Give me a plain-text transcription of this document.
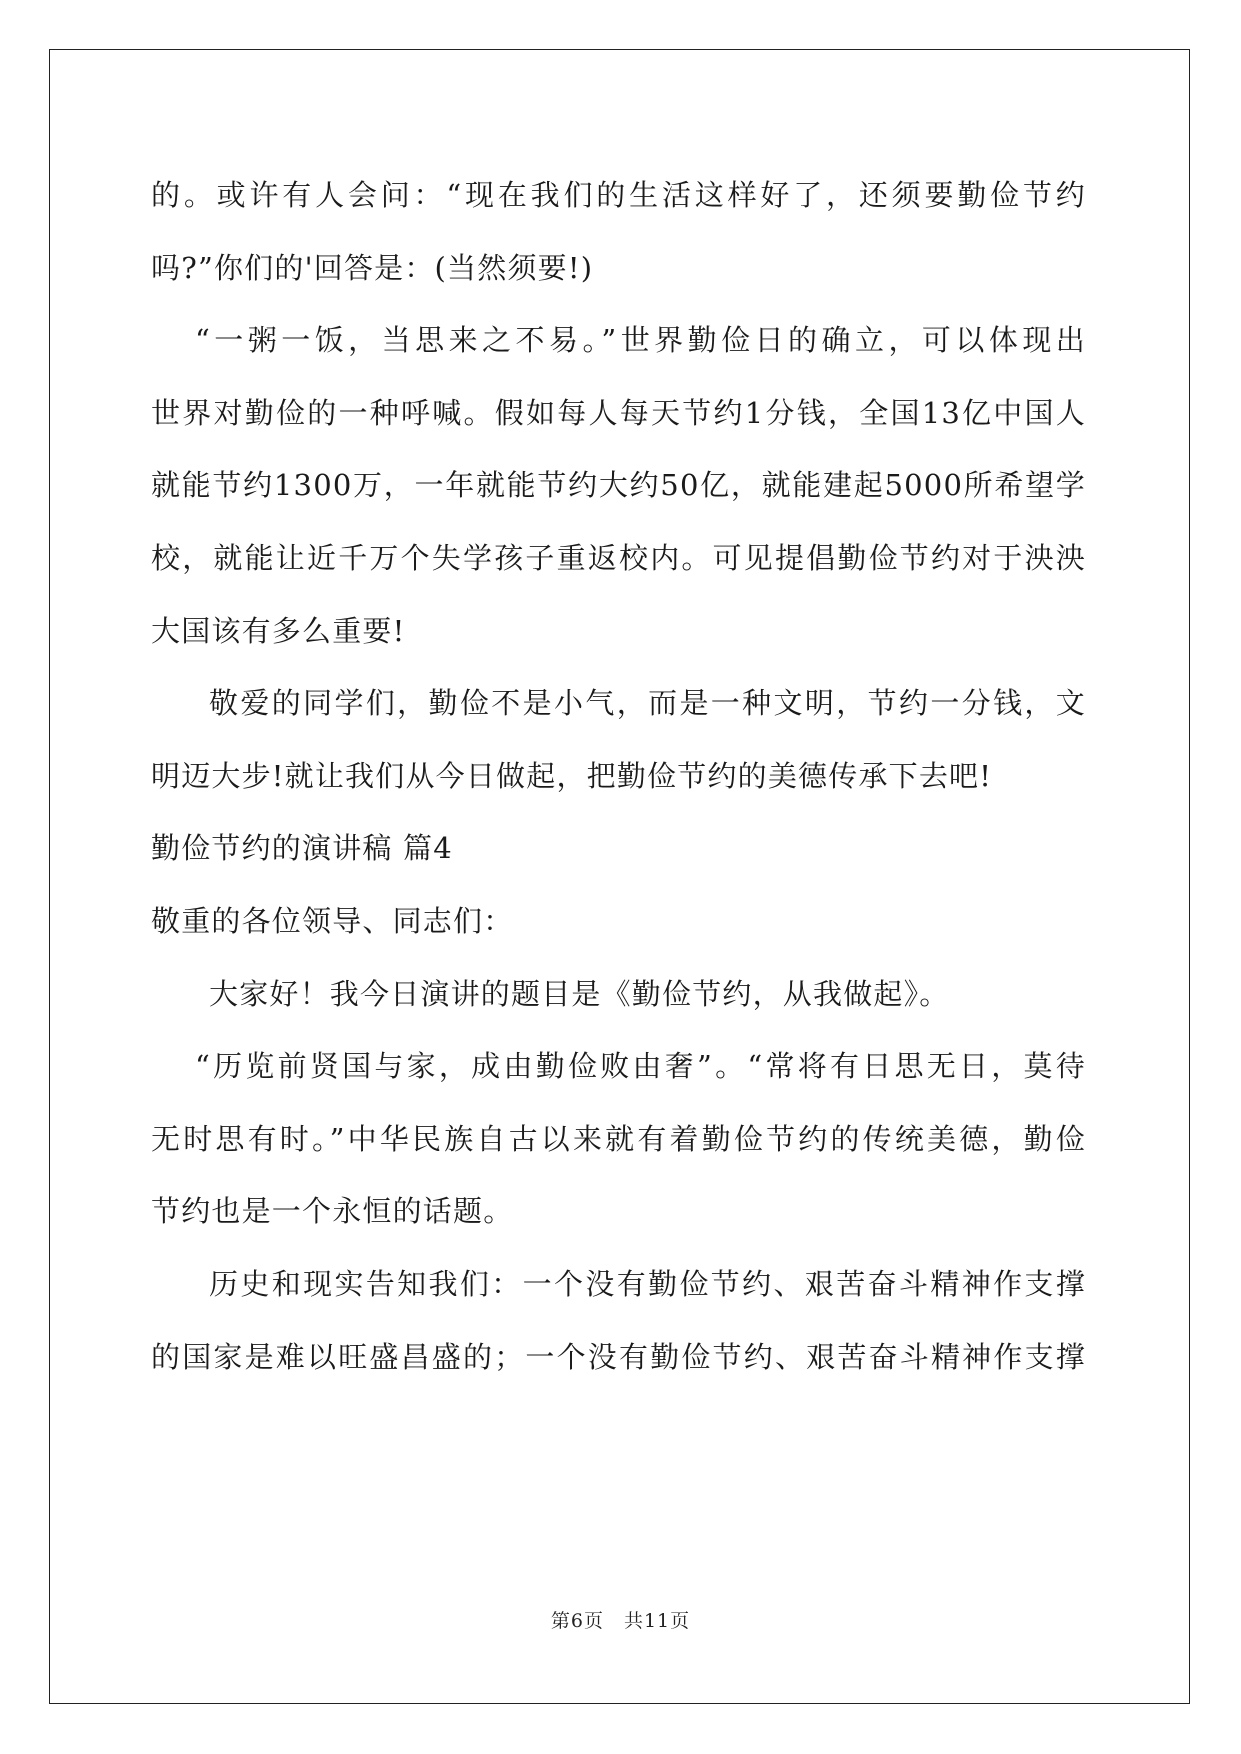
的。或许有人会问：“现在我们的生活这样好了，还须要勤俭节约
吗?”你们的'回答是：(当然须要!)
“一粥一饭，当思来之不易。”世界勤俭日的确立，可以体现出
世界对勤俭的一种呼喊。假如每人每天节约1分钱，全国13亿中国人
就能节约1300万，一年就能节约大约50亿，就能建起5000所希望学
校，就能让近千万个失学孩子重返校内。可见提倡勤俭节约对于泱泱
大国该有多么重要!
敬爱的同学们，勤俭不是小气，而是一种文明，节约一分钱，文
明迈大步!就让我们从今日做起，把勤俭节约的美德传承下去吧!
勤俭节约的演讲稿 篇4
敬重的各位领导、同志们：
大家好！我今日演讲的题目是《勤俭节约，从我做起》。
“历览前贤国与家，成由勤俭败由奢”。“常将有日思无日，莫待
无时思有时。”中华民族自古以来就有着勤俭节约的传统美德，勤俭
节约也是一个永恒的话题。
历史和现实告知我们：一个没有勤俭节约、艰苦奋斗精神作支撑
的国家是难以旺盛昌盛的；一个没有勤俭节约、艰苦奋斗精神作支撑
第6页　共11页
